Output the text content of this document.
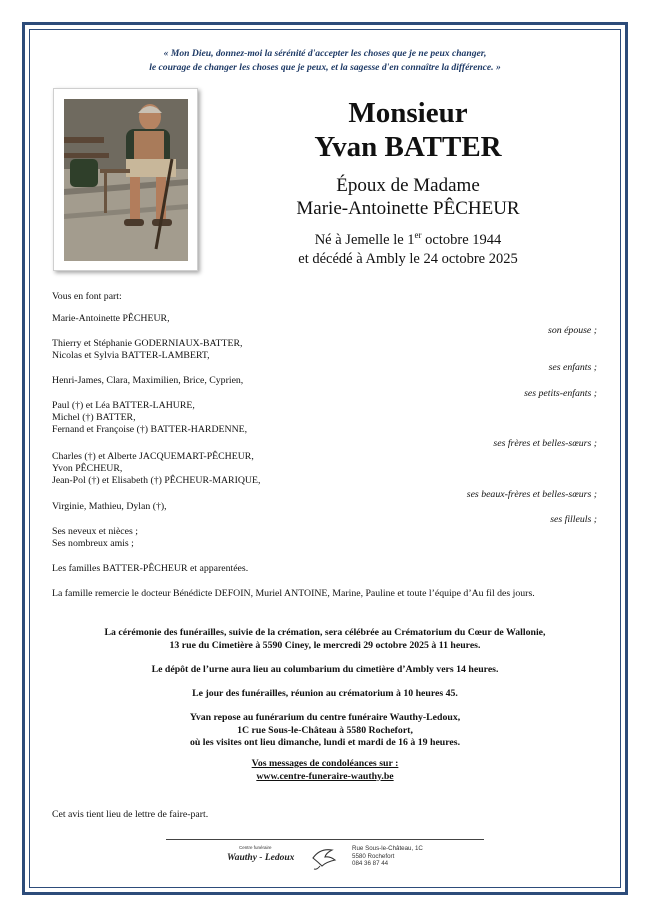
« Mon Dieu, donnez-moi la sérénité d'accepter les choses que je ne peux changer,
le courage de changer les choses que je peux, et la sagesse d'en connaître la différence. »
Monsieur
Yvan BATTER
Époux de Madame
Marie-Antoinette PÊCHEUR
Né à Jemelle le 1er octobre 1944
et décédé à Ambly le 24 octobre 2025
Vous en font part:
Marie-Antoinette PÊCHEUR,
son épouse ;
Thierry et Stéphanie GODERNIAUX-BATTER,
Nicolas et Sylvia BATTER-LAMBERT,
ses enfants ;
Henri-James, Clara, Maximilien, Brice, Cyprien,
ses petits-enfants ;
Paul (†) et Léa BATTER-LAHURE,
Michel (†) BATTER,
Fernand et Françoise (†) BATTER-HARDENNE,
ses frères et belles-sœurs ;
Charles (†) et Alberte JACQUEMART-PÊCHEUR,
Yvon PÊCHEUR,
Jean-Pol (†) et Elisabeth (†) PÊCHEUR-MARIQUE,
ses beaux-frères et belles-sœurs ;
Virginie, Mathieu, Dylan (†),
ses filleuls ;
Ses neveux et nièces ;
Ses nombreux amis ;
Les familles BATTER-PÊCHEUR et apparentées.
La famille remercie le docteur Bénédicte DEFOIN, Muriel ANTOINE, Marine, Pauline et toute l’équipe d’Au fil des jours.
La cérémonie des funérailles, suivie de la crémation, sera célébrée au Crématorium du Cœur de Wallonie,
13 rue du Cimetière à 5590 Ciney, le mercredi 29 octobre 2025 à 11 heures.
Le dépôt de l’urne aura lieu au columbarium du cimetière d’Ambly vers 14 heures.
Le jour des funérailles, réunion au crématorium à 10 heures 45.
Yvan repose au funérarium du centre funéraire Wauthy-Ledoux,
1C rue Sous-le-Château à 5580 Rochefort,
où les visites ont lieu dimanche, lundi et mardi de 16 à 19 heures.
Vos messages de condoléances sur :
www.centre-funeraire-wauthy.be
Cet avis tient lieu de lettre de faire-part.
Centre funéraire
Wauthy - Ledoux
Rue Sous-le-Château, 1C
5580 Rochefort
084 36 87 44
